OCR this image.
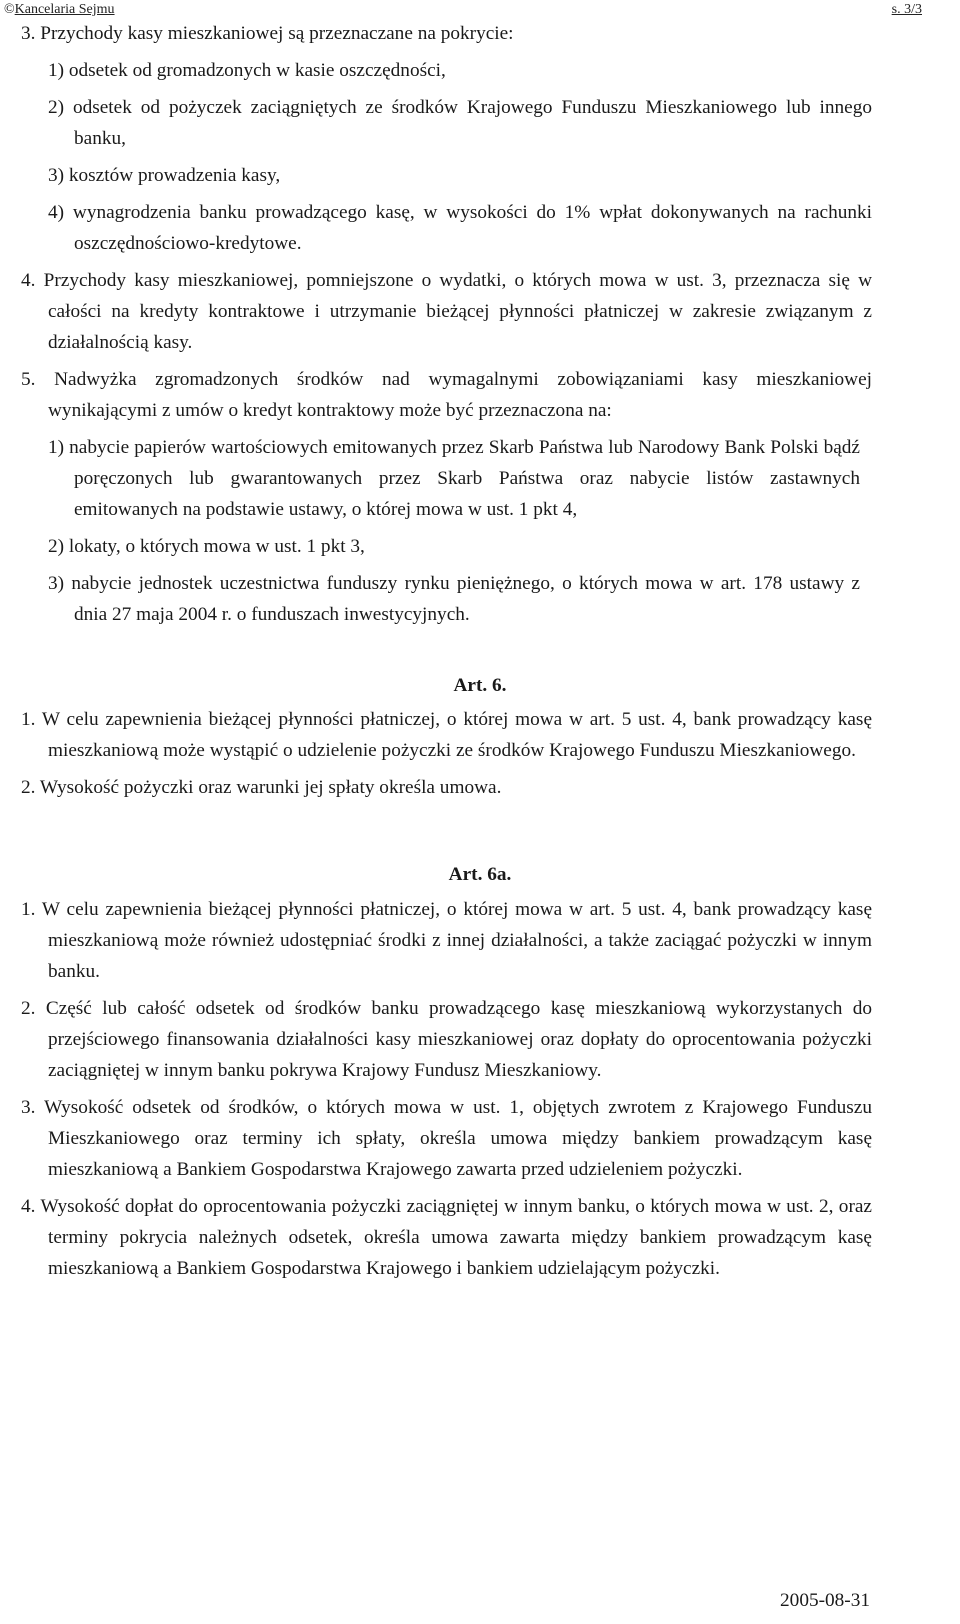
©Kancelaria Sejmu	s. 3/3
3. Przychody kasy mieszkaniowej są przeznaczane na pokrycie:
1) odsetek od gromadzonych w kasie oszczędności,
2) odsetek od pożyczek zaciągniętych ze środków Krajowego Funduszu Mieszkaniowego lub innego banku,
3) kosztów prowadzenia kasy,
4) wynagrodzenia banku prowadzącego kasę, w wysokości do 1% wpłat dokonywanych na rachunki oszczędnościowo-kredytowe.
4. Przychody kasy mieszkaniowej, pomniejszone o wydatki, o których mowa w ust. 3, przeznacza się w całości na kredyty kontraktowe i utrzymanie bieżącej płynności płatniczej w zakresie związanym z działalnością kasy.
5. Nadwyżka zgromadzonych środków nad wymagalnymi zobowiązaniami kasy mieszkaniowej wynikającymi z umów o kredyt kontraktowy może być przeznaczona na:
1) nabycie papierów wartościowych emitowanych przez Skarb Państwa lub Narodowy Bank Polski bądź poręczonych lub gwarantowanych przez Skarb Państwa oraz nabycie listów zastawnych emitowanych na podstawie ustawy, o której mowa w ust. 1 pkt 4,
2) lokaty, o których mowa w ust. 1 pkt 3,
3) nabycie jednostek uczestnictwa funduszy rynku pieniężnego, o których mowa w art. 178 ustawy z dnia 27 maja 2004 r. o funduszach inwestycyjnych.
Art. 6.
1. W celu zapewnienia bieżącej płynności płatniczej, o której mowa w art. 5 ust. 4, bank prowadzący kasę mieszkaniową może wystąpić o udzielenie pożyczki ze środków Krajowego Funduszu Mieszkaniowego.
2. Wysokość pożyczki oraz warunki jej spłaty określa umowa.
Art. 6a.
1. W celu zapewnienia bieżącej płynności płatniczej, o której mowa w art. 5 ust. 4, bank prowadzący kasę mieszkaniową może również udostępniać środki z innej działalności, a także zaciągać pożyczki w innym banku.
2. Część lub całość odsetek od środków banku prowadzącego kasę mieszkaniową wykorzystanych do przejściowego finansowania działalności kasy mieszkaniowej oraz dopłaty do oprocentowania pożyczki zaciągniętej w innym banku pokrywa Krajowy Fundusz Mieszkaniowy.
3. Wysokość odsetek od środków, o których mowa w ust. 1, objętych zwrotem z Krajowego Funduszu Mieszkaniowego oraz terminy ich spłaty, określa umowa między bankiem prowadzącym kasę mieszkaniową a Bankiem Gospodarstwa Krajowego zawarta przed udzieleniem pożyczki.
4. Wysokość dopłat do oprocentowania pożyczki zaciągniętej w innym banku, o których mowa w ust. 2, oraz terminy pokrycia należnych odsetek, określa umowa zawarta między bankiem prowadzącym kasę mieszkaniową a Bankiem Gospodarstwa Krajowego i bankiem udzielającym pożyczki.
2005-08-31
